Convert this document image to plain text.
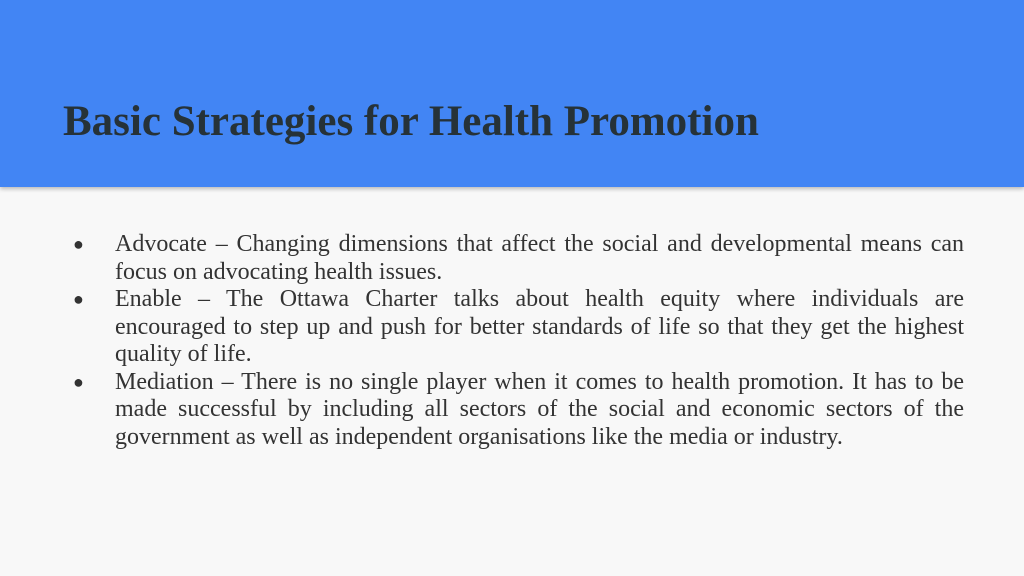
Basic Strategies for Health Promotion
● Advocate – Changing dimensions that affect the social and developmental means can focus on advocating health issues.
● Enable – The Ottawa Charter talks about health equity where individuals are encouraged to step up and push for better standards of life so that they get the highest quality of life.
● Mediation – There is no single player when it comes to health promotion. It has to be made successful by including all sectors of the social and economic sectors of the government as well as independent organisations like the media or industry.
